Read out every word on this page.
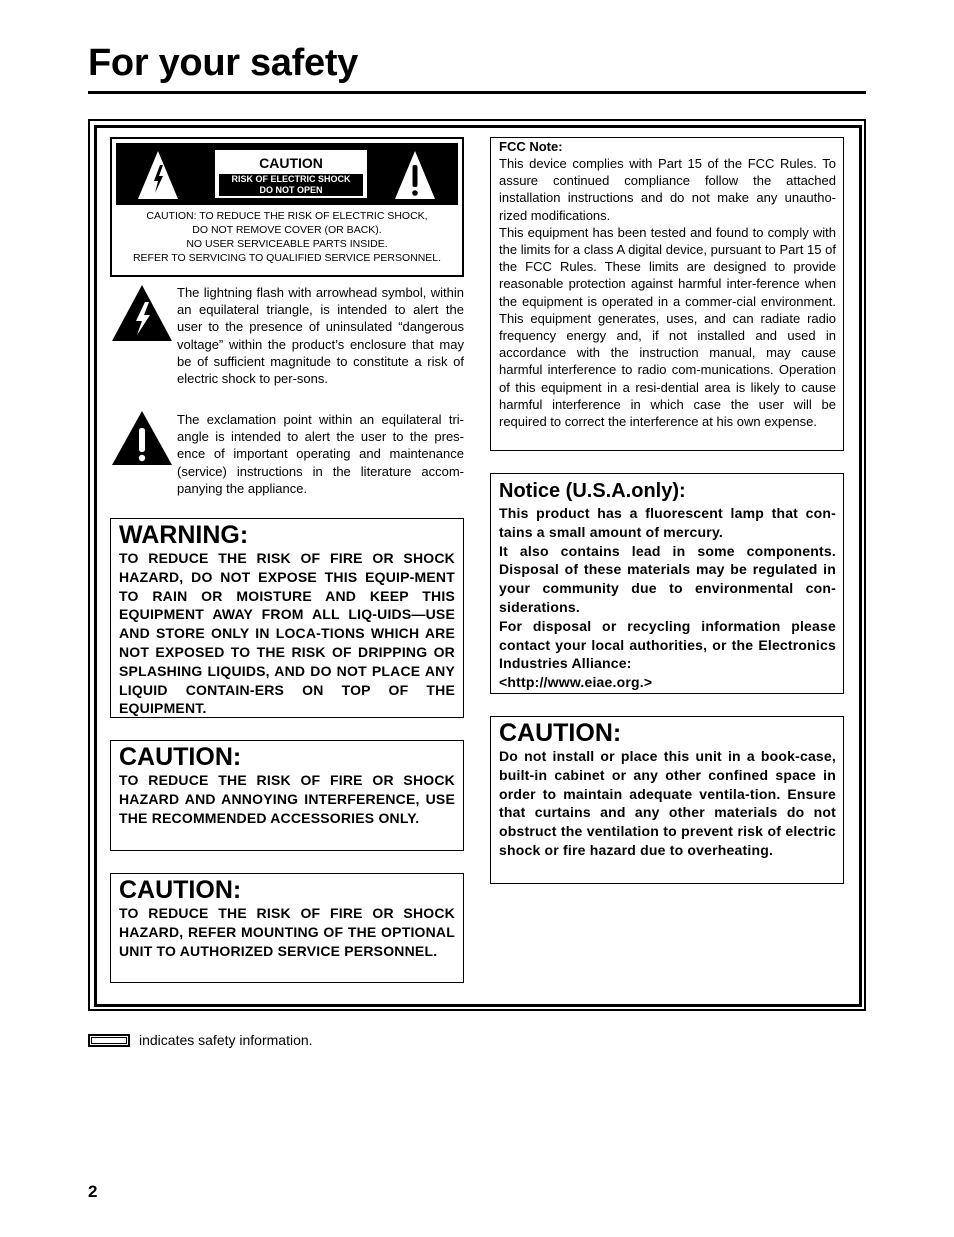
For your safety
CAUTION
RISK OF ELECTRIC SHOCK
DO NOT OPEN
CAUTION: TO REDUCE THE RISK OF ELECTRIC SHOCK,
DO NOT REMOVE COVER (OR BACK).
NO USER SERVICEABLE PARTS INSIDE.
REFER TO SERVICING TO QUALIFIED SERVICE PERSONNEL.
The lightning flash with arrowhead symbol, within an equilateral triangle, is intended to alert the user to the presence of uninsulated “dangerous voltage” within the product’s enclosure that may be of sufficient magnitude to constitute a risk of electric shock to per-sons.
The exclamation point within an equilateral tri-angle is intended to alert the user to the pres-ence of important operating and maintenance (service) instructions in the literature accom-panying the appliance.
WARNING:

TO REDUCE THE RISK OF FIRE OR SHOCK HAZARD, DO NOT EXPOSE THIS EQUIP-MENT TO RAIN OR MOISTURE AND KEEP THIS EQUIPMENT AWAY FROM ALL LIQ-UIDS—USE AND STORE ONLY IN LOCA-TIONS WHICH ARE NOT EXPOSED TO THE RISK OF DRIPPING OR SPLASHING LIQUIDS, AND DO NOT PLACE ANY LIQUID CONTAIN-ERS ON TOP OF THE EQUIPMENT.

CAUTION:

TO REDUCE THE RISK OF FIRE OR SHOCK HAZARD AND ANNOYING INTERFERENCE, USE THE RECOMMENDED ACCESSORIES ONLY.

CAUTION:

TO REDUCE THE RISK OF FIRE OR SHOCK HAZARD, REFER MOUNTING OF THE OPTIONAL UNIT TO AUTHORIZED SERVICE PERSONNEL.

FCC Note:

This device complies with Part 15 of the FCC Rules. To assure continued compliance follow the attached installation instructions and do not make any unautho-rized modifications.

This equipment has been tested and found to comply with the limits for a class A digital device, pursuant to Part 15 of the FCC Rules. These limits are designed to provide reasonable protection against harmful inter-ference when the equipment is operated in a commer-cial environment. This equipment generates, uses, and can radiate radio frequency energy and, if not installed and used in accordance with the instruction manual, may cause harmful interference to radio com-munications. Operation of this equipment in a resi-dential area is likely to cause harmful interference in which case the user will be required to correct the interference at his own expense.

Notice (U.S.A.only):

This product has a fluorescent lamp that con-tains a small amount of mercury.

It also contains lead in some components. Disposal of these materials may be regulated in your community due to environmental con-siderations.

For disposal or recycling information please contact your local authorities, or the Electronics Industries Alliance:

<http://www.eiae.org.>

CAUTION:

Do not install or place this unit in a book-case, built-in cabinet or any other confined space in order to maintain adequate ventila-tion. Ensure that curtains and any other materials do not obstruct the ventilation to prevent risk of electric shock or fire hazard due to overheating.

indicates safety information.
2
